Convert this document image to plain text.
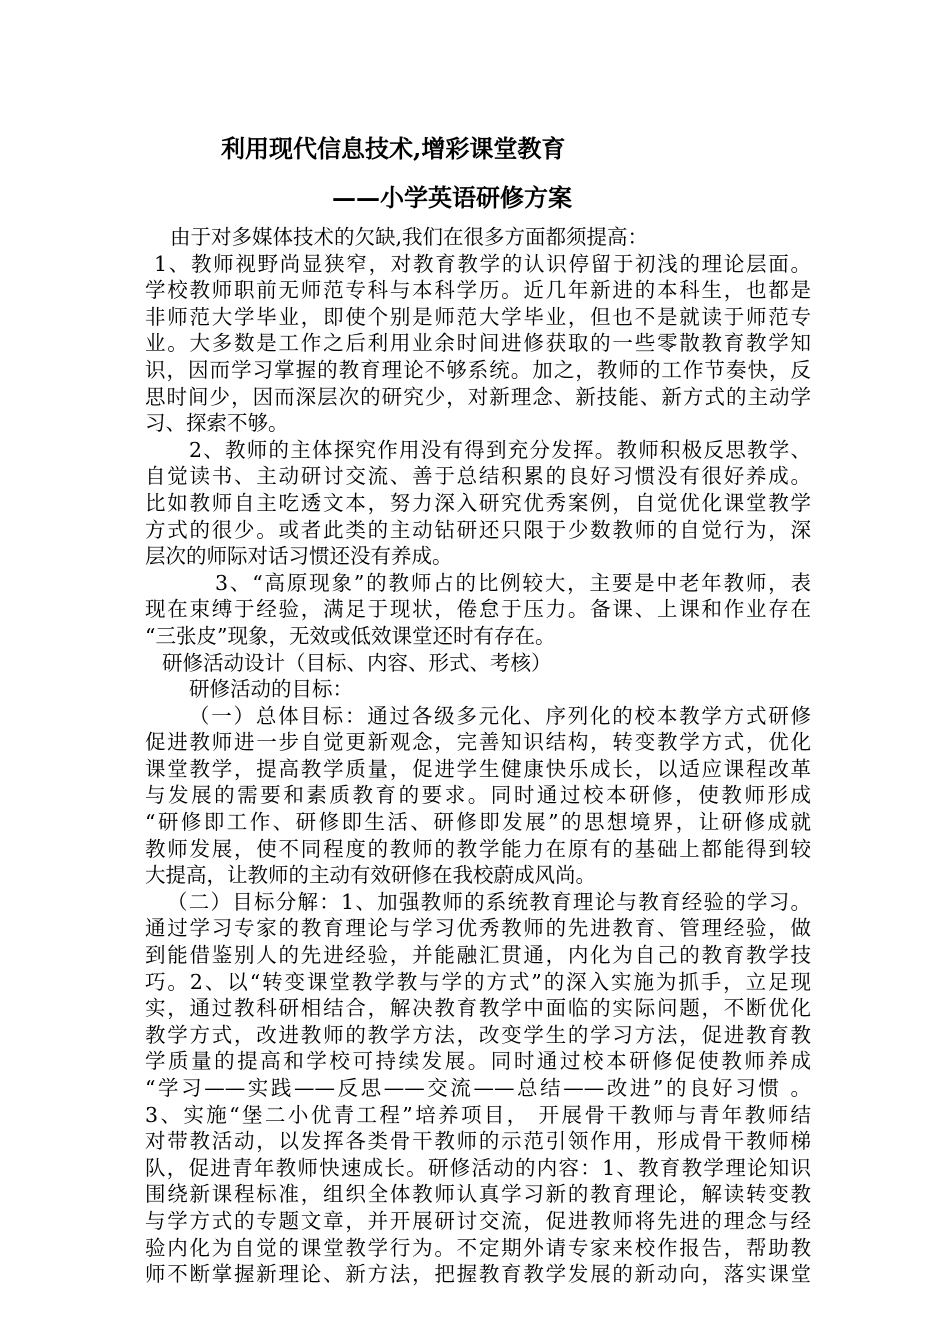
利用现代信息技术,增彩课堂教育
——小学英语研修方案
由于对多媒体技术的欠缺,我们在很多方面都须提高：
1、教师视野尚显狭窄，对教育教学的认识停留于初浅的理论层面。
学校教师职前无师范专科与本科学历。近几年新进的本科生，也都是
非师范大学毕业，即使个别是师范大学毕业，但也不是就读于师范专
业。大多数是工作之后利用业余时间进修获取的一些零散教育教学知
识，因而学习掌握的教育理论不够系统。加之，教师的工作节奏快，反
思时间少，因而深层次的研究少，对新理念、新技能、新方式的主动学
习、探索不够。
2、教师的主体探究作用没有得到充分发挥。教师积极反思教学、
自觉读书、主动研讨交流、善于总结积累的良好习惯没有很好养成。
比如教师自主吃透文本，努力深入研究优秀案例，自觉优化课堂教学
方式的很少。或者此类的主动钻研还只限于少数教师的自觉行为，深
层次的师际对话习惯还没有养成。
3、“高原现象”的教师占的比例较大，主要是中老年教师，表
现在束缚于经验，满足于现状，倦怠于压力。备课、上课和作业存在
“三张皮”现象，无效或低效课堂还时有存在。
研修活动设计（目标、内容、形式、考核）
研修活动的目标：
（一）总体目标：通过各级多元化、序列化的校本教学方式研修
促进教师进一步自觉更新观念，完善知识结构，转变教学方式，优化
课堂教学，提高教学质量，促进学生健康快乐成长，以适应课程改革
与发展的需要和素质教育的要求。同时通过校本研修，使教师形成
“研修即工作、研修即生活、研修即发展”的思想境界，让研修成就
教师发展，使不同程度的教师的教学能力在原有的基础上都能得到较
大提高，让教师的主动有效研修在我校蔚成风尚。
（二）目标分解：1、加强教师的系统教育理论与教育经验的学习。
通过学习专家的教育理论与学习优秀教师的先进教育、管理经验，做
到能借鉴别人的先进经验，并能融汇贯通，内化为自己的教育教学技
巧。2、以“转变课堂教学教与学的方式”的深入实施为抓手，立足现
实，通过教科研相结合，解决教育教学中面临的实际问题，不断优化
教学方式，改进教师的教学方法，改变学生的学习方法，促进教育教
学质量的提高和学校可持续发展。同时通过校本研修促使教师养成
“学习——实践——反思——交流——总结——改进”的良好习惯 。
3、实施“堡二小优青工程”培养项目， 开展骨干教师与青年教师结
对带教活动，以发挥各类骨干教师的示范引领作用，形成骨干教师梯
队，促进青年教师快速成长。研修活动的内容：1、教育教学理论知识
围绕新课程标准，组织全体教师认真学习新的教育理论，解读转变教
与学方式的专题文章，并开展研讨交流，促进教师将先进的理念与经
验内化为自觉的课堂教学行为。不定期外请专家来校作报告，帮助教
师不断掌握新理论、新方法，把握教育教学发展的新动向，落实课堂
